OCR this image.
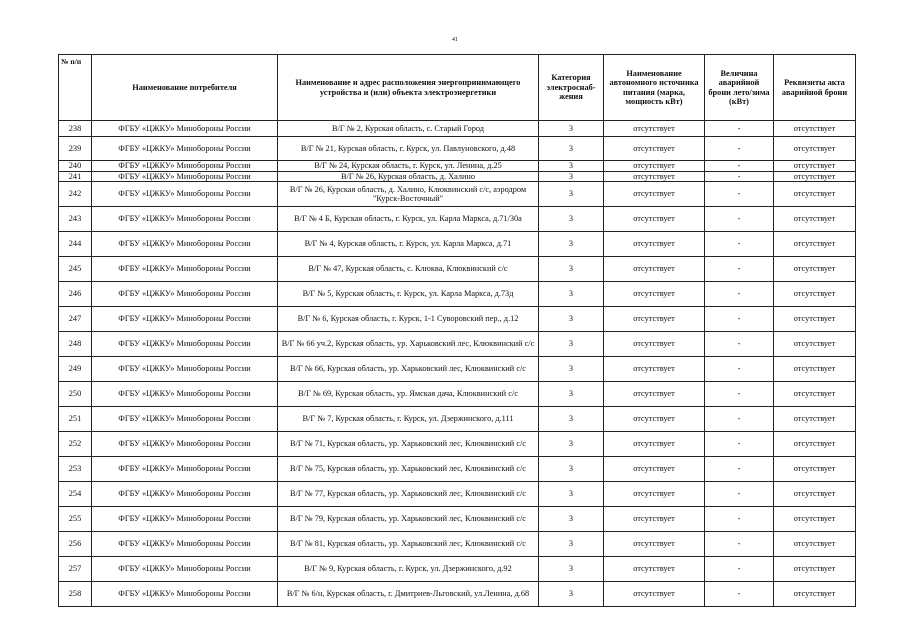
41
№ п/п	Наименование потребителя	Наименование и адрес расположения энергопринимающего устройства и (или) объекта электроэнергетики	Категория электроснаб-жения	Наименование автономного источника питания (марка, мощность кВт)	Величина аварийной брони лето/зима (кВт)	Реквизиты акта аварийной брони
238	ФГБУ «ЦЖКУ» Минобороны России	В/Г № 2, Курская область, с. Старый Город	3	отсутствует	-	отсутствует
239	ФГБУ «ЦЖКУ» Минобороны России	В/Г № 21, Курская область, г. Курск, ул. Павлуновского, д.48	3	отсутствует	-	отсутствует
240	ФГБУ «ЦЖКУ» Минобороны России	В/Г № 24, Курская область, г. Курск, ул. Ленина, д.25	3	отсутствует	-	отсутствует
241	ФГБУ «ЦЖКУ» Минобороны России	В/Г № 26, Курская область, д. Халино	3	отсутствует	-	отсутствует
242	ФГБУ «ЦЖКУ» Минобороны России	В/Г № 26, Курская область, д. Халино, Клюквинский с/с, аэродром "Курск-Восточный"	3	отсутствует	-	отсутствует
243	ФГБУ «ЦЖКУ» Минобороны России	В/Г № 4 Б, Курская область, г. Курск, ул. Карла Маркса, д.71/30а	3	отсутствует	-	отсутствует
244	ФГБУ «ЦЖКУ» Минобороны России	В/Г № 4, Курская область, г. Курск, ул. Карла Маркса, д.71	3	отсутствует	-	отсутствует
245	ФГБУ «ЦЖКУ» Минобороны России	В/Г № 47, Курская область, с. Клюква, Клюквинский с/с	3	отсутствует	-	отсутствует
246	ФГБУ «ЦЖКУ» Минобороны России	В/Г № 5, Курская область, г. Курск, ул. Карла Маркса, д.73д	3	отсутствует	-	отсутствует
247	ФГБУ «ЦЖКУ» Минобороны России	В/Г № 6, Курская область, г. Курск, 1-1 Суворовский пер., д.12	3	отсутствует	-	отсутствует
248	ФГБУ «ЦЖКУ» Минобороны России	В/Г № 66 уч.2, Курская область, ур. Харьковский лес, Клюквинский с/с	3	отсутствует	-	отсутствует
249	ФГБУ «ЦЖКУ» Минобороны России	В/Г № 66, Курская область, ур. Харьковский лес, Клюквинский с/с	3	отсутствует	-	отсутствует
250	ФГБУ «ЦЖКУ» Минобороны России	В/Г № 69, Курская область, ур. Ямская дача, Клюквинский с/с	3	отсутствует	-	отсутствует
251	ФГБУ «ЦЖКУ» Минобороны России	В/Г № 7, Курская область, г. Курск, ул. Дзержинского, д.111	3	отсутствует	-	отсутствует
252	ФГБУ «ЦЖКУ» Минобороны России	В/Г № 71, Курская область, ур. Харьковский лес, Клюквинский с/с	3	отсутствует	-	отсутствует
253	ФГБУ «ЦЖКУ» Минобороны России	В/Г № 75, Курская область, ур. Харьковский лес, Клюквинский с/с	3	отсутствует	-	отсутствует
254	ФГБУ «ЦЖКУ» Минобороны России	В/Г № 77, Курская область, ур. Харьковский лес, Клюквинский с/с	3	отсутствует	-	отсутствует
255	ФГБУ «ЦЖКУ» Минобороны России	В/Г № 79, Курская область, ур. Харьковский лес, Клюквинский с/с	3	отсутствует	-	отсутствует
256	ФГБУ «ЦЖКУ» Минобороны России	В/Г № 81, Курская область, ур. Харьковский лес, Клюквинский с/с	3	отсутствует	-	отсутствует
257	ФГБУ «ЦЖКУ» Минобороны России	В/Г № 9, Курская область, г. Курск, ул. Дзержинского, д.92	3	отсутствует	-	отсутствует
258	ФГБУ «ЦЖКУ» Минобороны России	В/Г № 6/н, Курская область, г. Дмитриев-Льговский, ул.Ленина, д.68	3	отсутствует	-	отсутствует
